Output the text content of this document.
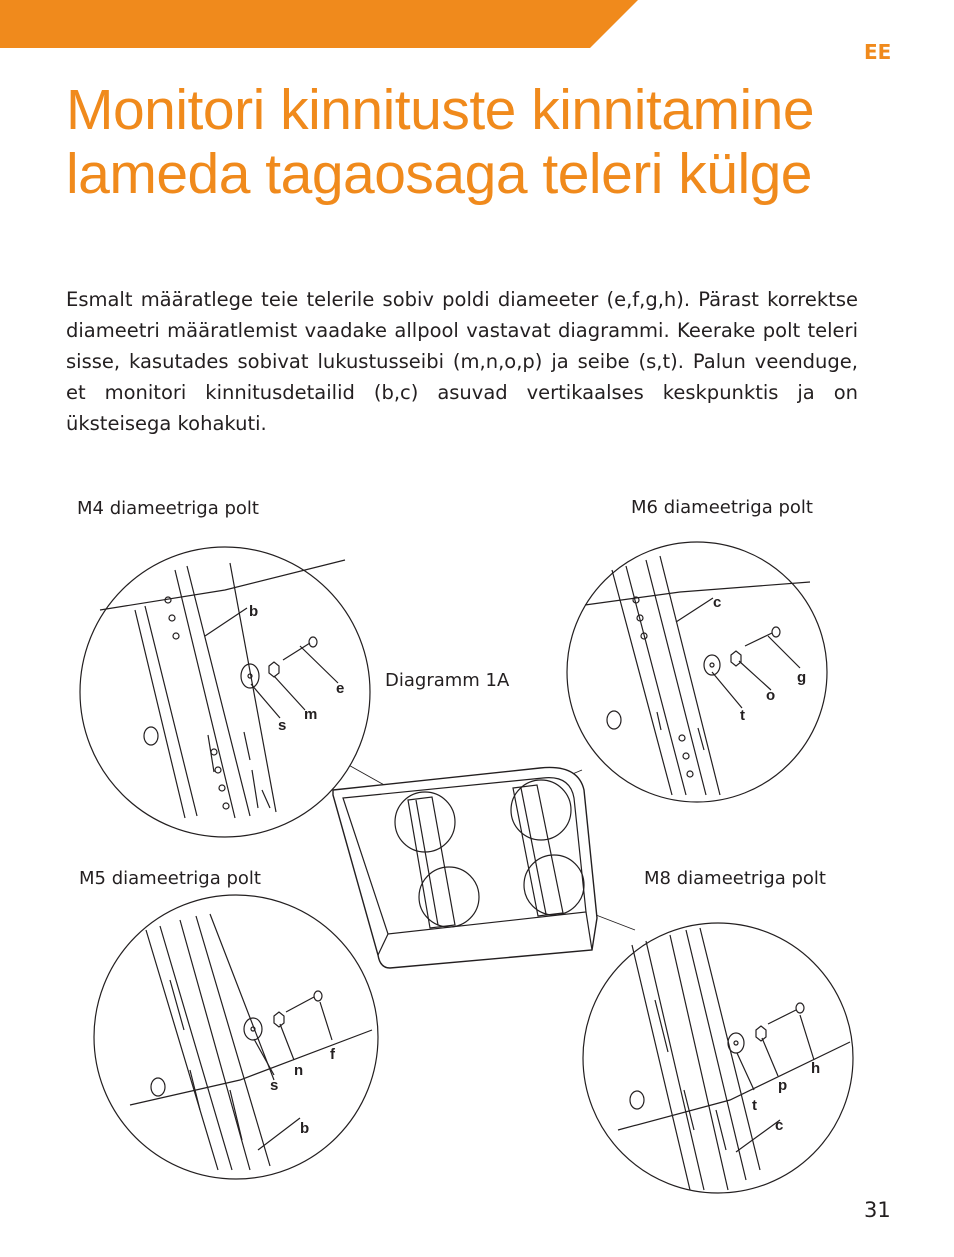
EE
Monitori kinnituste kinnitamine lameda tagaosaga teleri külge

Esmalt määratlege teie telerile sobiv poldi diameeter (e,f,g,h). Pärast korrektse diameetri määratlemist vaadake allpool vastavat diagrammi. Keerake polt teleri sisse, kasutades sobivat lukustusseibi (m,n,o,p) ja seibe (s,t). Palun veenduge, et monitori kinnitusdetailid (b,c) asuvad vertikaalses keskpunktis ja on üksteisega kohakuti.

M4 diameetriga polt	M6 diameetriga polt
Diagramm 1A
M5 diameetriga polt	M8 diameetriga polt
b
e
m
s
c
g
o
t
f
n
s
b
h
p
t
c
31
